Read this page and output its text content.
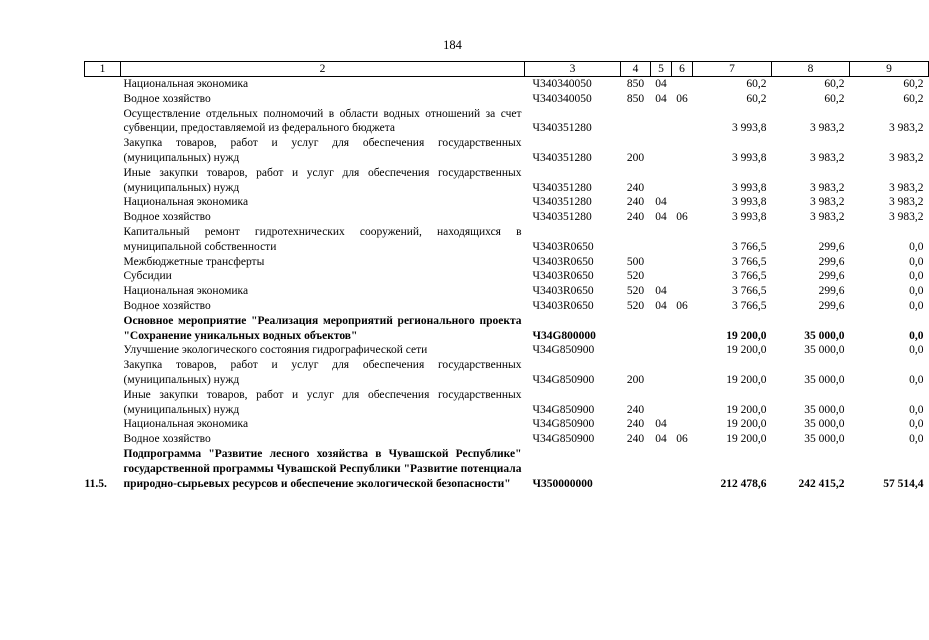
184
1	2	3	4	5	6	7	8	9
	Национальная экономика	Ч340340050	850	04		60,2	60,2	60,2
	Водное хозяйство	Ч340340050	850	04	06	60,2	60,2	60,2
	Осуществление отдельных полномочий в области водных отношений за счет субвенции, предоставляемой из федерального бюджета	Ч340351280				3 993,8	3 983,2	3 983,2
	Закупка товаров, работ и услуг для обеспечения государственных (муниципальных) нужд	Ч340351280	200			3 993,8	3 983,2	3 983,2
	Иные закупки товаров, работ и услуг для обеспечения государственных (муниципальных) нужд	Ч340351280	240			3 993,8	3 983,2	3 983,2
	Национальная экономика	Ч340351280	240	04		3 993,8	3 983,2	3 983,2
	Водное хозяйство	Ч340351280	240	04	06	3 993,8	3 983,2	3 983,2
	Капитальный ремонт гидротехнических сооружений, находящихся в муниципальной собственности	Ч3403R0650				3 766,5	299,6	0,0
	Межбюджетные трансферты	Ч3403R0650	500			3 766,5	299,6	0,0
	Субсидии	Ч3403R0650	520			3 766,5	299,6	0,0
	Национальная экономика	Ч3403R0650	520	04		3 766,5	299,6	0,0
	Водное хозяйство	Ч3403R0650	520	04	06	3 766,5	299,6	0,0
	Основное мероприятие "Реализация мероприятий регионального проекта "Сохранение уникальных водных объектов"	Ч34G800000				19 200,0	35 000,0	0,0
	Улучшение экологического состояния гидрографической сети	Ч34G850900				19 200,0	35 000,0	0,0
	Закупка товаров, работ и услуг для обеспечения государственных (муниципальных) нужд	Ч34G850900	200			19 200,0	35 000,0	0,0
	Иные закупки товаров, работ и услуг для обеспечения государственных (муниципальных) нужд	Ч34G850900	240			19 200,0	35 000,0	0,0
	Национальная экономика	Ч34G850900	240	04		19 200,0	35 000,0	0,0
	Водное хозяйство	Ч34G850900	240	04	06	19 200,0	35 000,0	0,0
11.5.	Подпрограмма "Развитие лесного хозяйства в Чувашской Республике" государственной программы Чувашской Республики "Развитие потенциала природно-сырьевых ресурсов и обеспечение экологической безопасности"	Ч350000000				212 478,6	242 415,2	57 514,4
